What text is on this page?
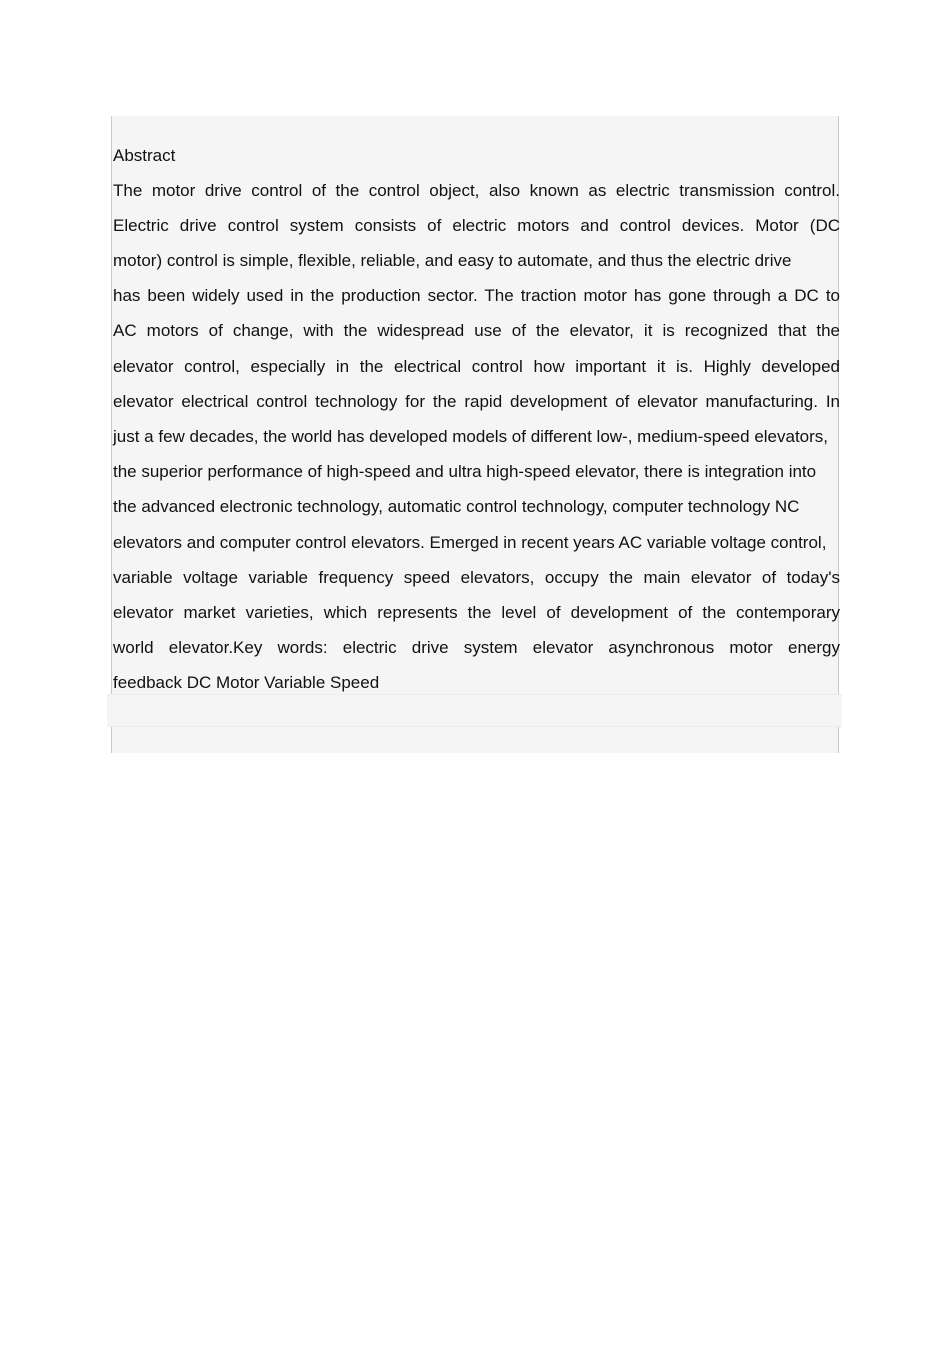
Abstract

The motor drive control of the control object, also known as electric transmission control.

Electric drive control system consists of electric motors and control devices. Motor (DC

motor) control is simple, flexible, reliable, and easy to automate, and thus the electric drive

has been widely used in the production sector. The traction motor has gone through a DC to

AC motors of change, with the widespread use of the elevator, it is recognized that the

elevator control, especially in the electrical control how important it is. Highly developed

elevator electrical control technology for the rapid development of elevator manufacturing. In

just a few decades, the world has developed models of different low-, medium-speed elevators,

the superior performance of high-speed and ultra high-speed elevator, there is integration into

the advanced electronic technology, automatic control technology, computer technology NC

elevators and computer control elevators. Emerged in recent years AC variable voltage control,

variable voltage variable frequency speed elevators, occupy the main elevator of today's

elevator market varieties, which represents the level of development of the contemporary

world elevator.Key words: electric drive system elevator asynchronous motor energy

feedback DC Motor Variable Speed
